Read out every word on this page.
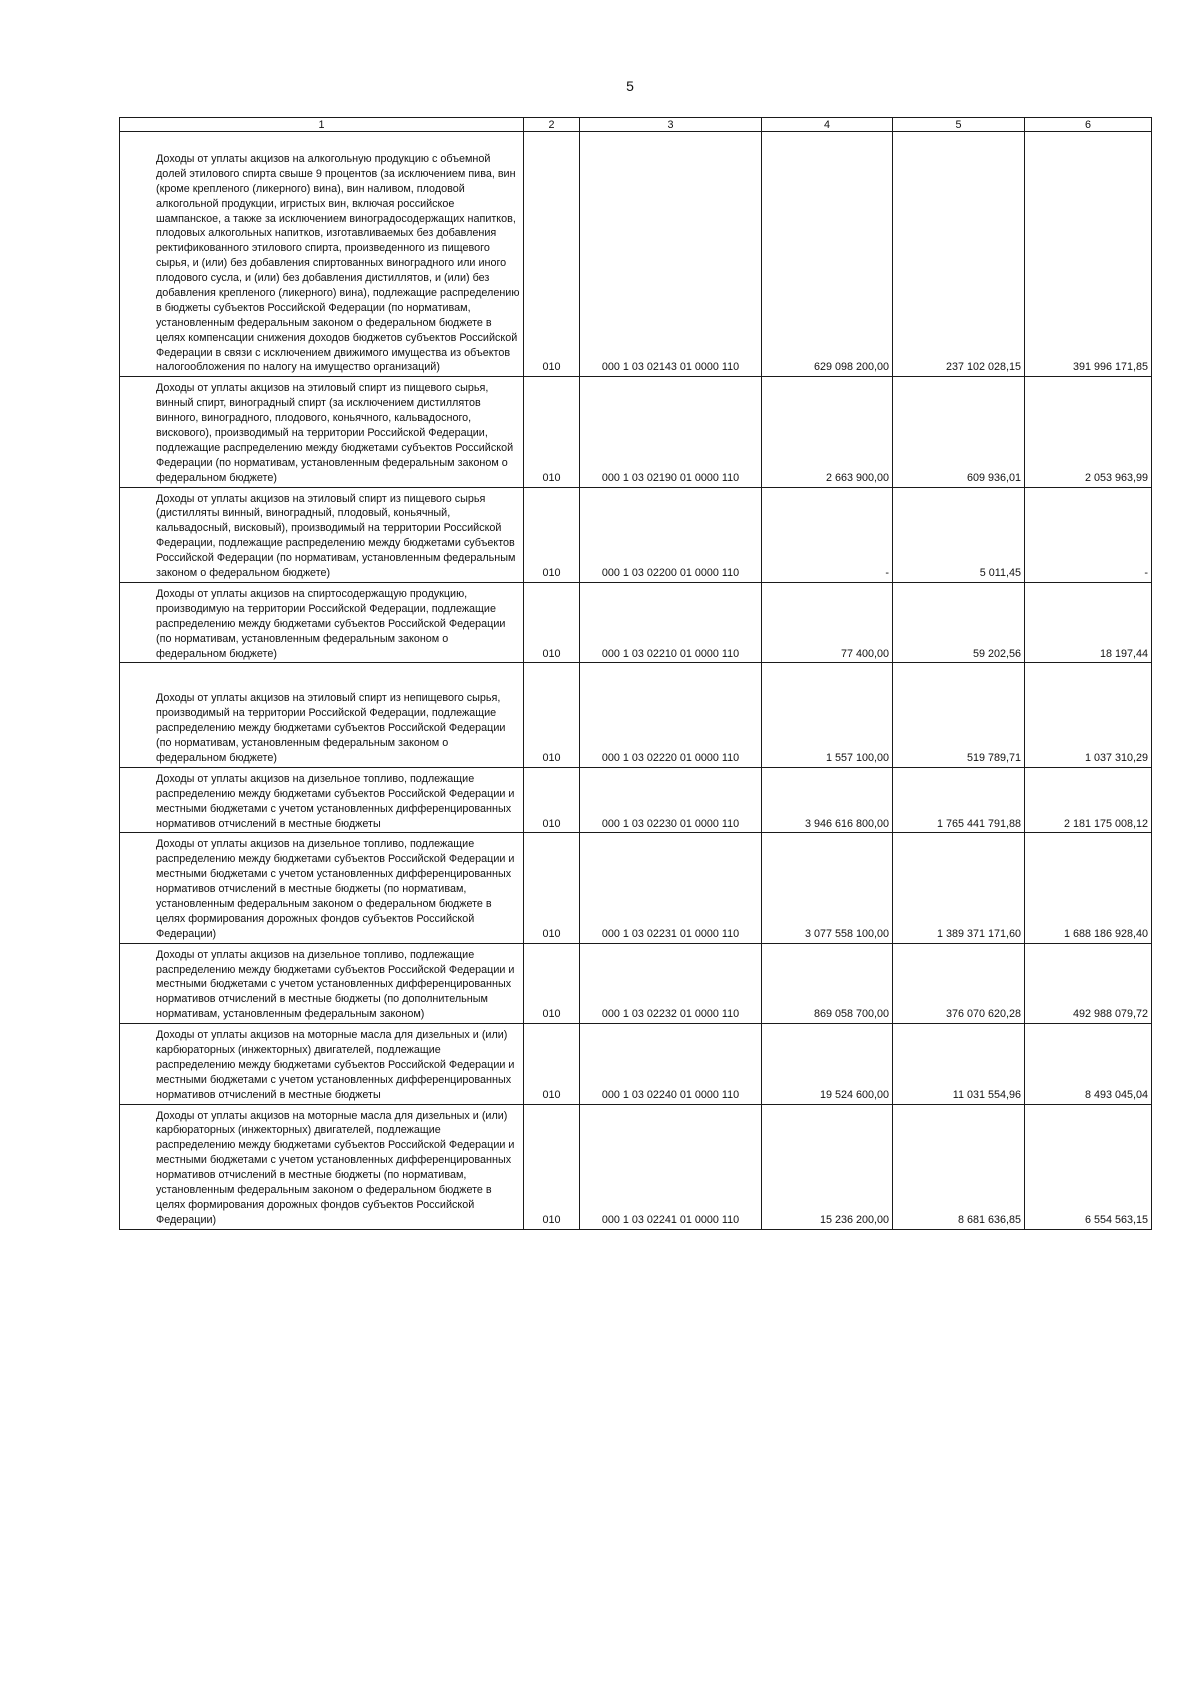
5
1	2	3	4	5	6
Доходы от уплаты акцизов на алкогольную продукцию с объемной долей этилового спирта свыше 9 процентов (за исключением пива, вин (кроме крепленого (ликерного) вина), вин наливом, плодовой алкогольной продукции, игристых вин, включая российское шампанское, а также за исключением виноградосодержащих напитков, плодовых алкогольных напитков, изготавливаемых без добавления ректификованного этилового спирта, произведенного из пищевого сырья, и (или) без добавления спиртованных виноградного или иного плодового сусла, и (или) без добавления дистиллятов, и (или) без добавления крепленого (ликерного) вина), подлежащие распределению в бюджеты субъектов Российской Федерации (по нормативам, установленным федеральным законом о федеральном бюджете в целях компенсации снижения доходов бюджетов субъектов Российской Федерации в связи с исключением движимого имущества из объектов налогообложения по налогу на имущество организаций)	010	000 1 03 02143 01 0000 110	629 098 200,00	237 102 028,15	391 996 171,85
Доходы от уплаты акцизов на этиловый спирт из пищевого сырья, винный спирт, виноградный спирт (за исключением дистиллятов винного, виноградного, плодового, коньячного, кальвадосного, вискового), производимый на территории Российской Федерации, подлежащие распределению между бюджетами субъектов Российской Федерации (по нормативам, установленным федеральным законом о федеральном бюджете)	010	000 1 03 02190 01 0000 110	2 663 900,00	609 936,01	2 053 963,99
Доходы от уплаты акцизов на этиловый спирт из пищевого сырья (дистилляты винный, виноградный, плодовый, коньячный, кальвадосный, висковый), производимый на территории Российской Федерации, подлежащие распределению между бюджетами субъектов Российской Федерации (по нормативам, установленным федеральным законом о федеральном бюджете)	010	000 1 03 02200 01 0000 110	-	5 011,45	-
Доходы от уплаты акцизов на спиртосодержащую продукцию, производимую на территории Российской Федерации, подлежащие распределению между бюджетами субъектов Российской Федерации (по нормативам, установленным федеральным законом о федеральном бюджете)	010	000 1 03 02210 01 0000 110	77 400,00	59 202,56	18 197,44
Доходы от уплаты акцизов на этиловый спирт из непищевого сырья, производимый на территории Российской Федерации, подлежащие распределению между бюджетами субъектов Российской Федерации (по нормативам, установленным федеральным законом о федеральном бюджете)	010	000 1 03 02220 01 0000 110	1 557 100,00	519 789,71	1 037 310,29
Доходы от уплаты акцизов на дизельное топливо, подлежащие распределению между бюджетами субъектов Российской Федерации и местными бюджетами с учетом установленных дифференцированных нормативов отчислений в местные бюджеты	010	000 1 03 02230 01 0000 110	3 946 616 800,00	1 765 441 791,88	2 181 175 008,12
Доходы от уплаты акцизов на дизельное топливо, подлежащие распределению между бюджетами субъектов Российской Федерации и местными бюджетами с учетом установленных дифференцированных нормативов отчислений в местные бюджеты (по нормативам, установленным федеральным законом о федеральном бюджете в целях формирования дорожных фондов субъектов Российской Федерации)	010	000 1 03 02231 01 0000 110	3 077 558 100,00	1 389 371 171,60	1 688 186 928,40
Доходы от уплаты акцизов на дизельное топливо, подлежащие распределению между бюджетами субъектов Российской Федерации и местными бюджетами с учетом установленных дифференцированных нормативов отчислений в местные бюджеты (по дополнительным нормативам, установленным федеральным законом)	010	000 1 03 02232 01 0000 110	869 058 700,00	376 070 620,28	492 988 079,72
Доходы от уплаты акцизов на моторные масла для дизельных и (или) карбюраторных (инжекторных) двигателей, подлежащие распределению между бюджетами субъектов Российской Федерации и местными бюджетами с учетом установленных дифференцированных нормативов отчислений в местные бюджеты	010	000 1 03 02240 01 0000 110	19 524 600,00	11 031 554,96	8 493 045,04
Доходы от уплаты акцизов на моторные масла для дизельных и (или) карбюраторных (инжекторных) двигателей, подлежащие распределению между бюджетами субъектов Российской Федерации и местными бюджетами с учетом установленных дифференцированных нормативов отчислений в местные бюджеты (по нормативам, установленным федеральным законом о федеральном бюджете в целях формирования дорожных фондов субъектов Российской Федерации)	010	000 1 03 02241 01 0000 110	15 236 200,00	8 681 636,85	6 554 563,15
